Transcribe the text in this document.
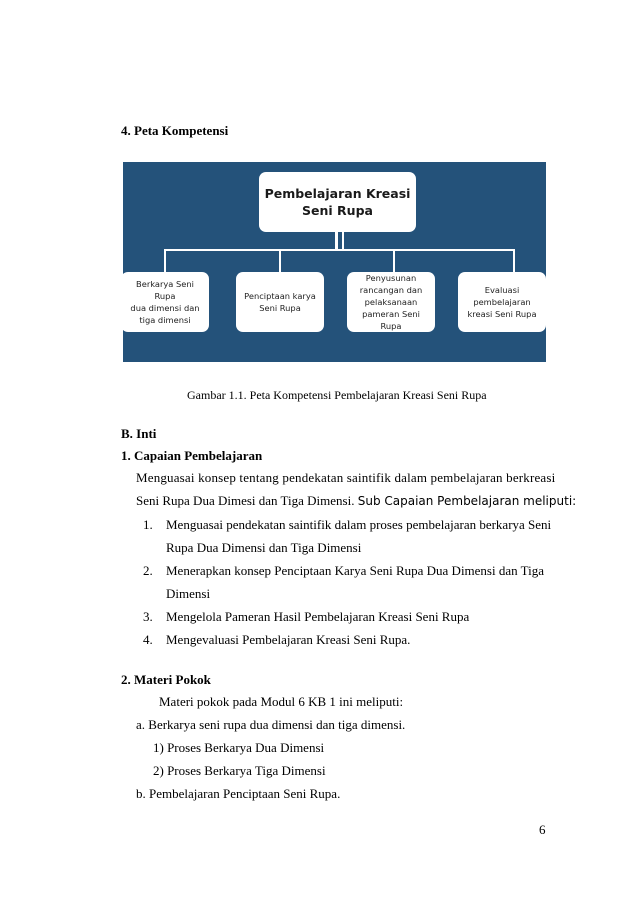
4. Peta Kompetensi
Pembelajaran Kreasi
Seni Rupa
Berkarya Seni Rupa
dua dimensi dan
tiga dimensi
Penciptaan karya
Seni Rupa
Penyusunan
rancangan dan
pelaksanaan
pameran Seni Rupa
Evaluasi
pembelajaran
kreasi Seni Rupa
Gambar 1.1. Peta Kompetensi Pembelajaran Kreasi Seni Rupa
B. Inti
1. Capaian Pembelajaran
Menguasai konsep tentang pendekatan saintifik dalam pembelajaran berkreasi
Seni Rupa Dua Dimesi dan Tiga Dimensi. Sub Capaian Pembelajaran meliputi:
1. Menguasai pendekatan saintifik dalam proses pembelajaran berkarya Seni
Rupa Dua Dimensi dan Tiga Dimensi
2. Menerapkan konsep Penciptaan Karya Seni Rupa Dua Dimensi dan Tiga
Dimensi
3. Mengelola Pameran Hasil Pembelajaran Kreasi Seni Rupa
4. Mengevaluasi Pembelajaran Kreasi Seni Rupa.
2. Materi Pokok
Materi pokok pada Modul 6 KB 1 ini meliputi:
a. Berkarya seni rupa dua dimensi dan tiga dimensi.
1) Proses Berkarya Dua Dimensi
2) Proses Berkarya Tiga Dimensi
b. Pembelajaran Penciptaan Seni Rupa.
6
